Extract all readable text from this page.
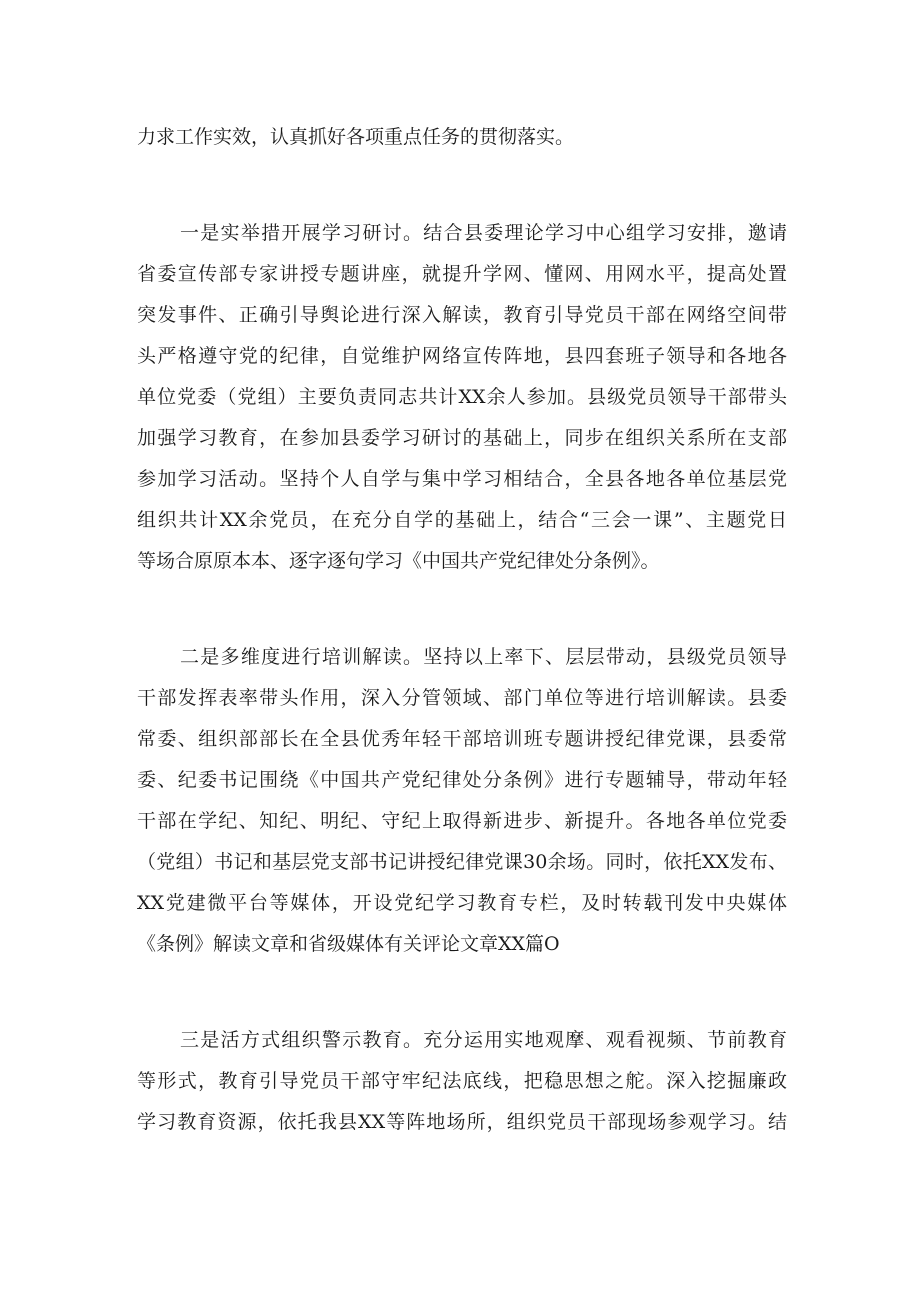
力求工作实效，认真抓好各项重点任务的贯彻落实。
一是实举措开展学习研讨。结合县委理论学习中心组学习安排，邀请
省委宣传部专家讲授专题讲座，就提升学网、懂网、用网水平，提高处置
突发事件、正确引导舆论进行深入解读，教育引导党员干部在网络空间带
头严格遵守党的纪律，自觉维护网络宣传阵地，县四套班子领导和各地各
单位党委（党组）主要负责同志共计XX余人参加。县级党员领导干部带头
加强学习教育，在参加县委学习研讨的基础上，同步在组织关系所在支部
参加学习活动。坚持个人自学与集中学习相结合，全县各地各单位基层党
组织共计XX余党员，在充分自学的基础上，结合“三会一课”、主题党日
等场合原原本本、逐字逐句学习《中国共产党纪律处分条例》。
二是多维度进行培训解读。坚持以上率下、层层带动，县级党员领导
干部发挥表率带头作用，深入分管领域、部门单位等进行培训解读。县委
常委、组织部部长在全县优秀年轻干部培训班专题讲授纪律党课，县委常
委、纪委书记围绕《中国共产党纪律处分条例》进行专题辅导，带动年轻
干部在学纪、知纪、明纪、守纪上取得新进步、新提升。各地各单位党委
（党组）书记和基层党支部书记讲授纪律党课30余场。同时，依托XX发布、
XX党建微平台等媒体，开设党纪学习教育专栏，及时转载刊发中央媒体
《条例》解读文章和省级媒体有关评论文章XX篇O
三是活方式组织警示教育。充分运用实地观摩、观看视频、节前教育
等形式，教育引导党员干部守牢纪法底线，把稳思想之舵。深入挖掘廉政
学习教育资源，依托我县XX等阵地场所，组织党员干部现场参观学习。结
